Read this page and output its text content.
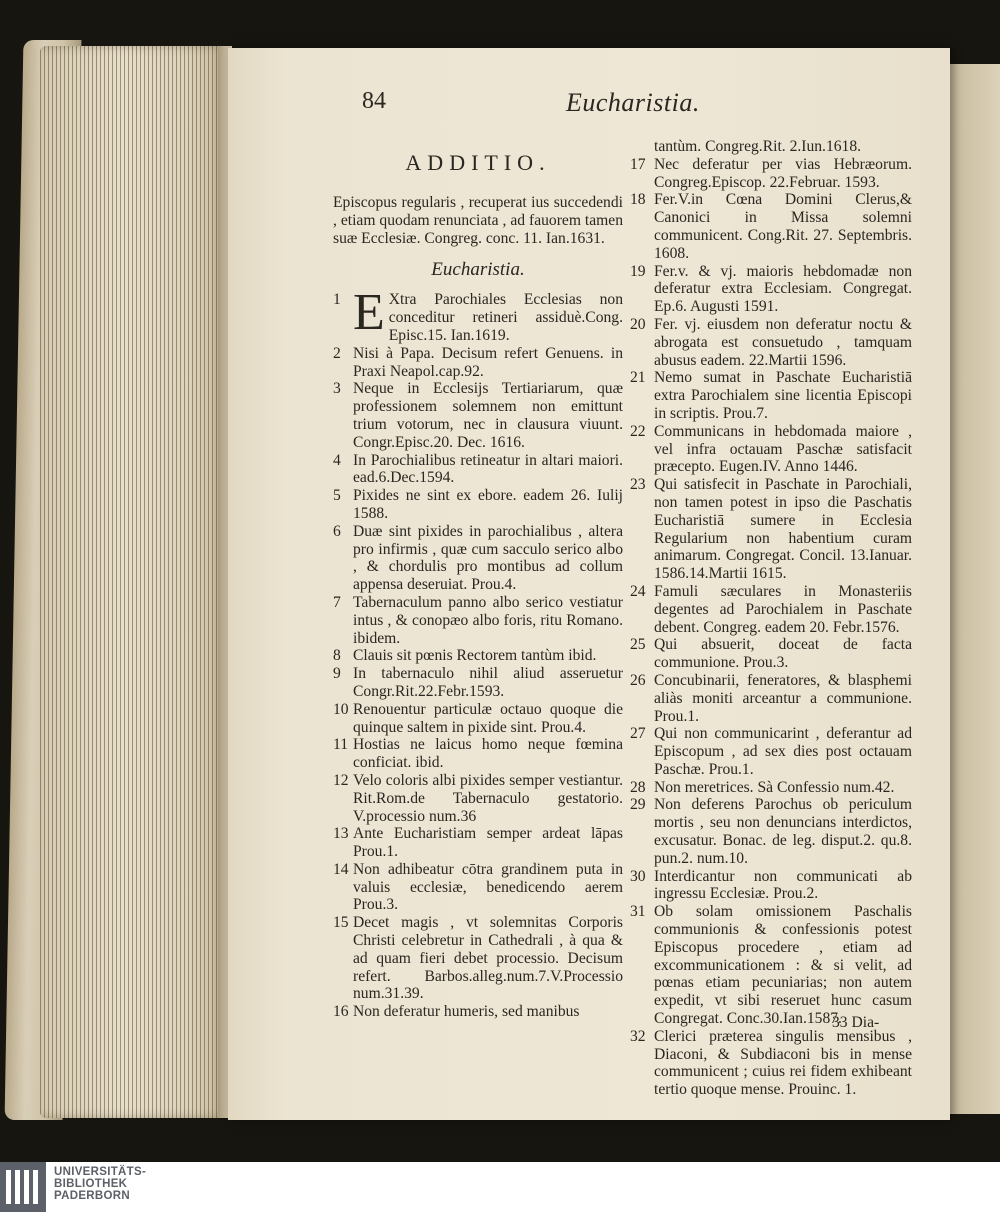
84	Eucharistia.
ADDITIO.
Episcopus regularis , recuperat ius succedendi , etiam quodam renunciata , ad fauorem tamen suæ Ecclesiæ. Congreg. conc. 11. Ian.1631.
Eucharistia.
1 E Xtra Parochiales Ecclesias non conceditur retineri assiduè.Cong. Episc.15. Ian.1619.
2 Nisi à Papa. Decisum refert Genuens. in Praxi Neapol.cap.92.
3 Neque in Ecclesijs Tertiariarum, quæ professionem solemnem non emittunt trium votorum, nec in clausura viuunt. Congr.Episc.20. Dec. 1616.
4 In Parochialibus retineatur in altari maiori. ead.6.Dec.1594.
5 Pixides ne sint ex ebore. eadem 26. Iulij 1588.
6 Duæ sint pixides in parochialibus , altera pro infirmis , quæ cum sacculo serico albo , & chordulis pro montibus ad collum appensa deseruiat. Prou.4.
7 Tabernaculum panno albo serico vestiatur intus , & conopæo albo foris, ritu Romano. ibidem.
8 Clauis sit pœnis Rectorem tantùm ibid.
9 In tabernaculo nihil aliud asseruetur Congr.Rit.22.Febr.1593.
10 Renouentur particulæ octauo quoque die quinque saltem in pixide sint. Prou.4.
11 Hostias ne laicus homo neque fœmina conficiat. ibid.
12 Velo coloris albi pixides semper vestiantur. Rit.Rom.de Tabernaculo gestatorio. V.processio num.36
13 Ante Eucharistiam semper ardeat lāpas Prou.1.
14 Non adhibeatur cōtra grandinem puta in valuis ecclesiæ, benedicendo aerem Prou.3.
15 Decet magis , vt solemnitas Corporis Christi celebretur in Cathedrali , à qua & ad quam fieri debet processio. Decisum refert. Barbos.alleg.num.7.V.Processio num.31.39.
16 Non deferatur humeris, sed manibus
tantùm. Congreg.Rit. 2.Iun.1618.
17 Nec deferatur per vias Hebræorum. Congreg.Episcop. 22.Februar. 1593.
18 Fer.V.in Cœna Domini Clerus,& Canonici in Missa solemni communicent. Cong.Rit. 27. Septembris. 1608.
19 Fer.v. & vj. maioris hebdomadæ non deferatur extra Ecclesiam. Congregat. Ep.6. Augusti 1591.
20 Fer. vj. eiusdem non deferatur noctu & abrogata est consuetudo , tamquam abusus eadem. 22.Martii 1596.
21 Nemo sumat in Paschate Eucharistiā extra Parochialem sine licentia Episcopi in scriptis. Prou.7.
22 Communicans in hebdomada maiore , vel infra octauam Paschæ satisfacit præcepto. Eugen.IV. Anno 1446.
23 Qui satisfecit in Paschate in Parochiali, non tamen potest in ipso die Paschatis Eucharistiā sumere in Ecclesia Regularium non habentium curam animarum. Congregat. Concil. 13.Ianuar. 1586.14.Martii 1615.
24 Famuli sæculares in Monasteriis degentes ad Parochialem in Paschate debent. Congreg. eadem 20. Febr.1576.
25 Qui absuerit, doceat de facta communione. Prou.3.
26 Concubinarii, feneratores, & blasphemi aliàs moniti arceantur a communione. Prou.1.
27 Qui non communicarint , deferantur ad Episcopum , ad sex dies post octauam Paschæ. Prou.1.
28 Non meretrices. Sà Confessio num.42.
29 Non deferens Parochus ob periculum mortis , seu non denuncians interdictos, excusatur. Bonac. de leg. disput.2. qu.8. pun.2. num.10.
30 Interdicantur non communicati ab ingressu Ecclesiæ. Prou.2.
31 Ob solam omissionem Paschalis communionis & confessionis potest Episcopus procedere , etiam ad excommunicationem : & si velit, ad pœnas etiam pecuniarias; non autem expedit, vt sibi reseruet hunc casum Congregat. Conc.30.Ian.1587.
32 Clerici præterea singulis mensibus , Diaconi, & Subdiaconi bis in mense communicent ; cuius rei fidem exhibeant tertio quoque mense. Prouinc. 1.
33 Dia-
UNIVERSITÄTS-
BIBLIOTHEK
PADERBORN
